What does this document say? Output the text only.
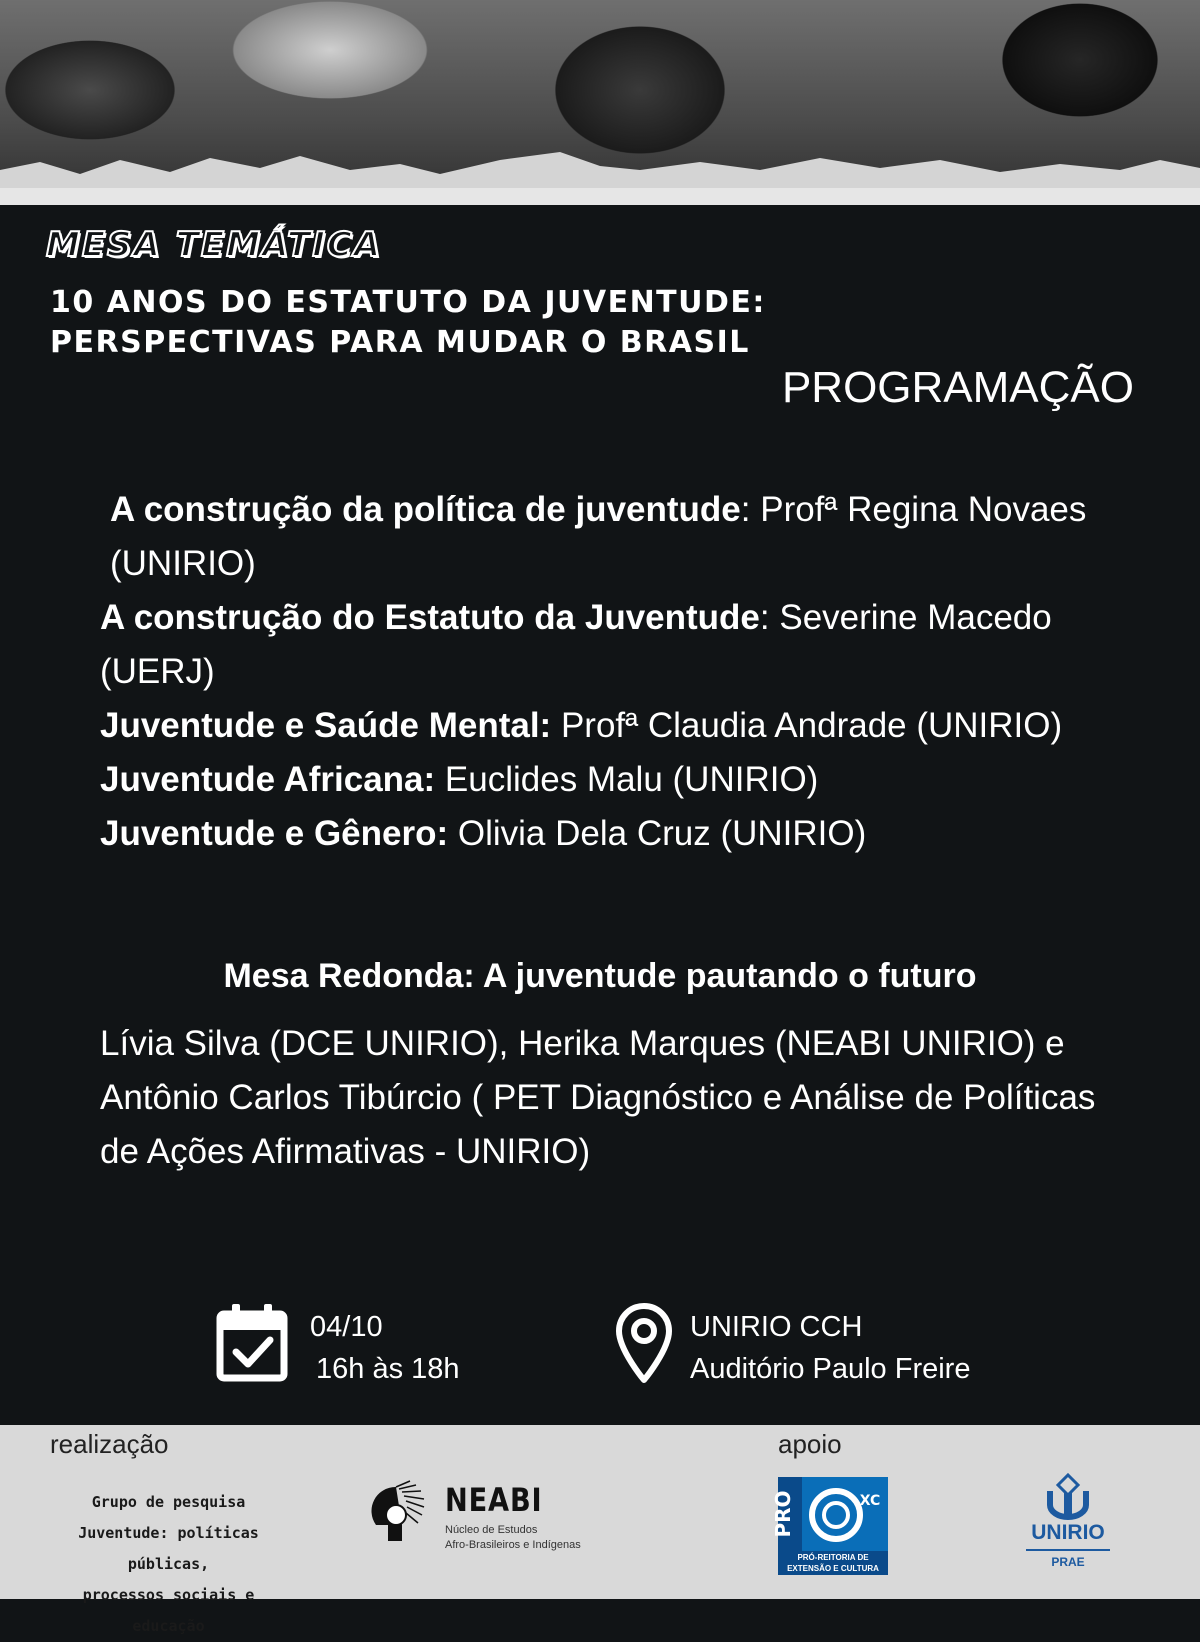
MESA TEMÁTICA
10 ANOS DO ESTATUTO DA JUVENTUDE:
PERSPECTIVAS PARA MUDAR O BRASIL
PROGRAMAÇÃO
A construção da política de juventude: Profª Regina Novaes (UNIRIO)
A construção do Estatuto da Juventude: Severine Macedo (UERJ)
Juventude e Saúde Mental: Profª Claudia Andrade (UNIRIO)
Juventude Africana: Euclides Malu (UNIRIO)
Juventude e Gênero: Olivia Dela Cruz (UNIRIO)
Mesa Redonda: A juventude pautando o futuro
Lívia Silva (DCE UNIRIO), Herika Marques (NEABI UNIRIO) e Antônio Carlos Tibúrcio ( PET Diagnóstico e Análise de Políticas de Ações Afirmativas - UNIRIO)
04/10
16h às 18h
UNIRIO CCH
Auditório Paulo Freire
realização	apoio
Grupo de pesquisa
Juventude: políticas públicas,
processos sociais e educação
NEABI
Núcleo de Estudos
Afro-Brasileiros e Indígenas
PRO	XC
PRÓ-REITORIA DE
EXTENSÃO E CULTURA
UNIRIO
PRAE
